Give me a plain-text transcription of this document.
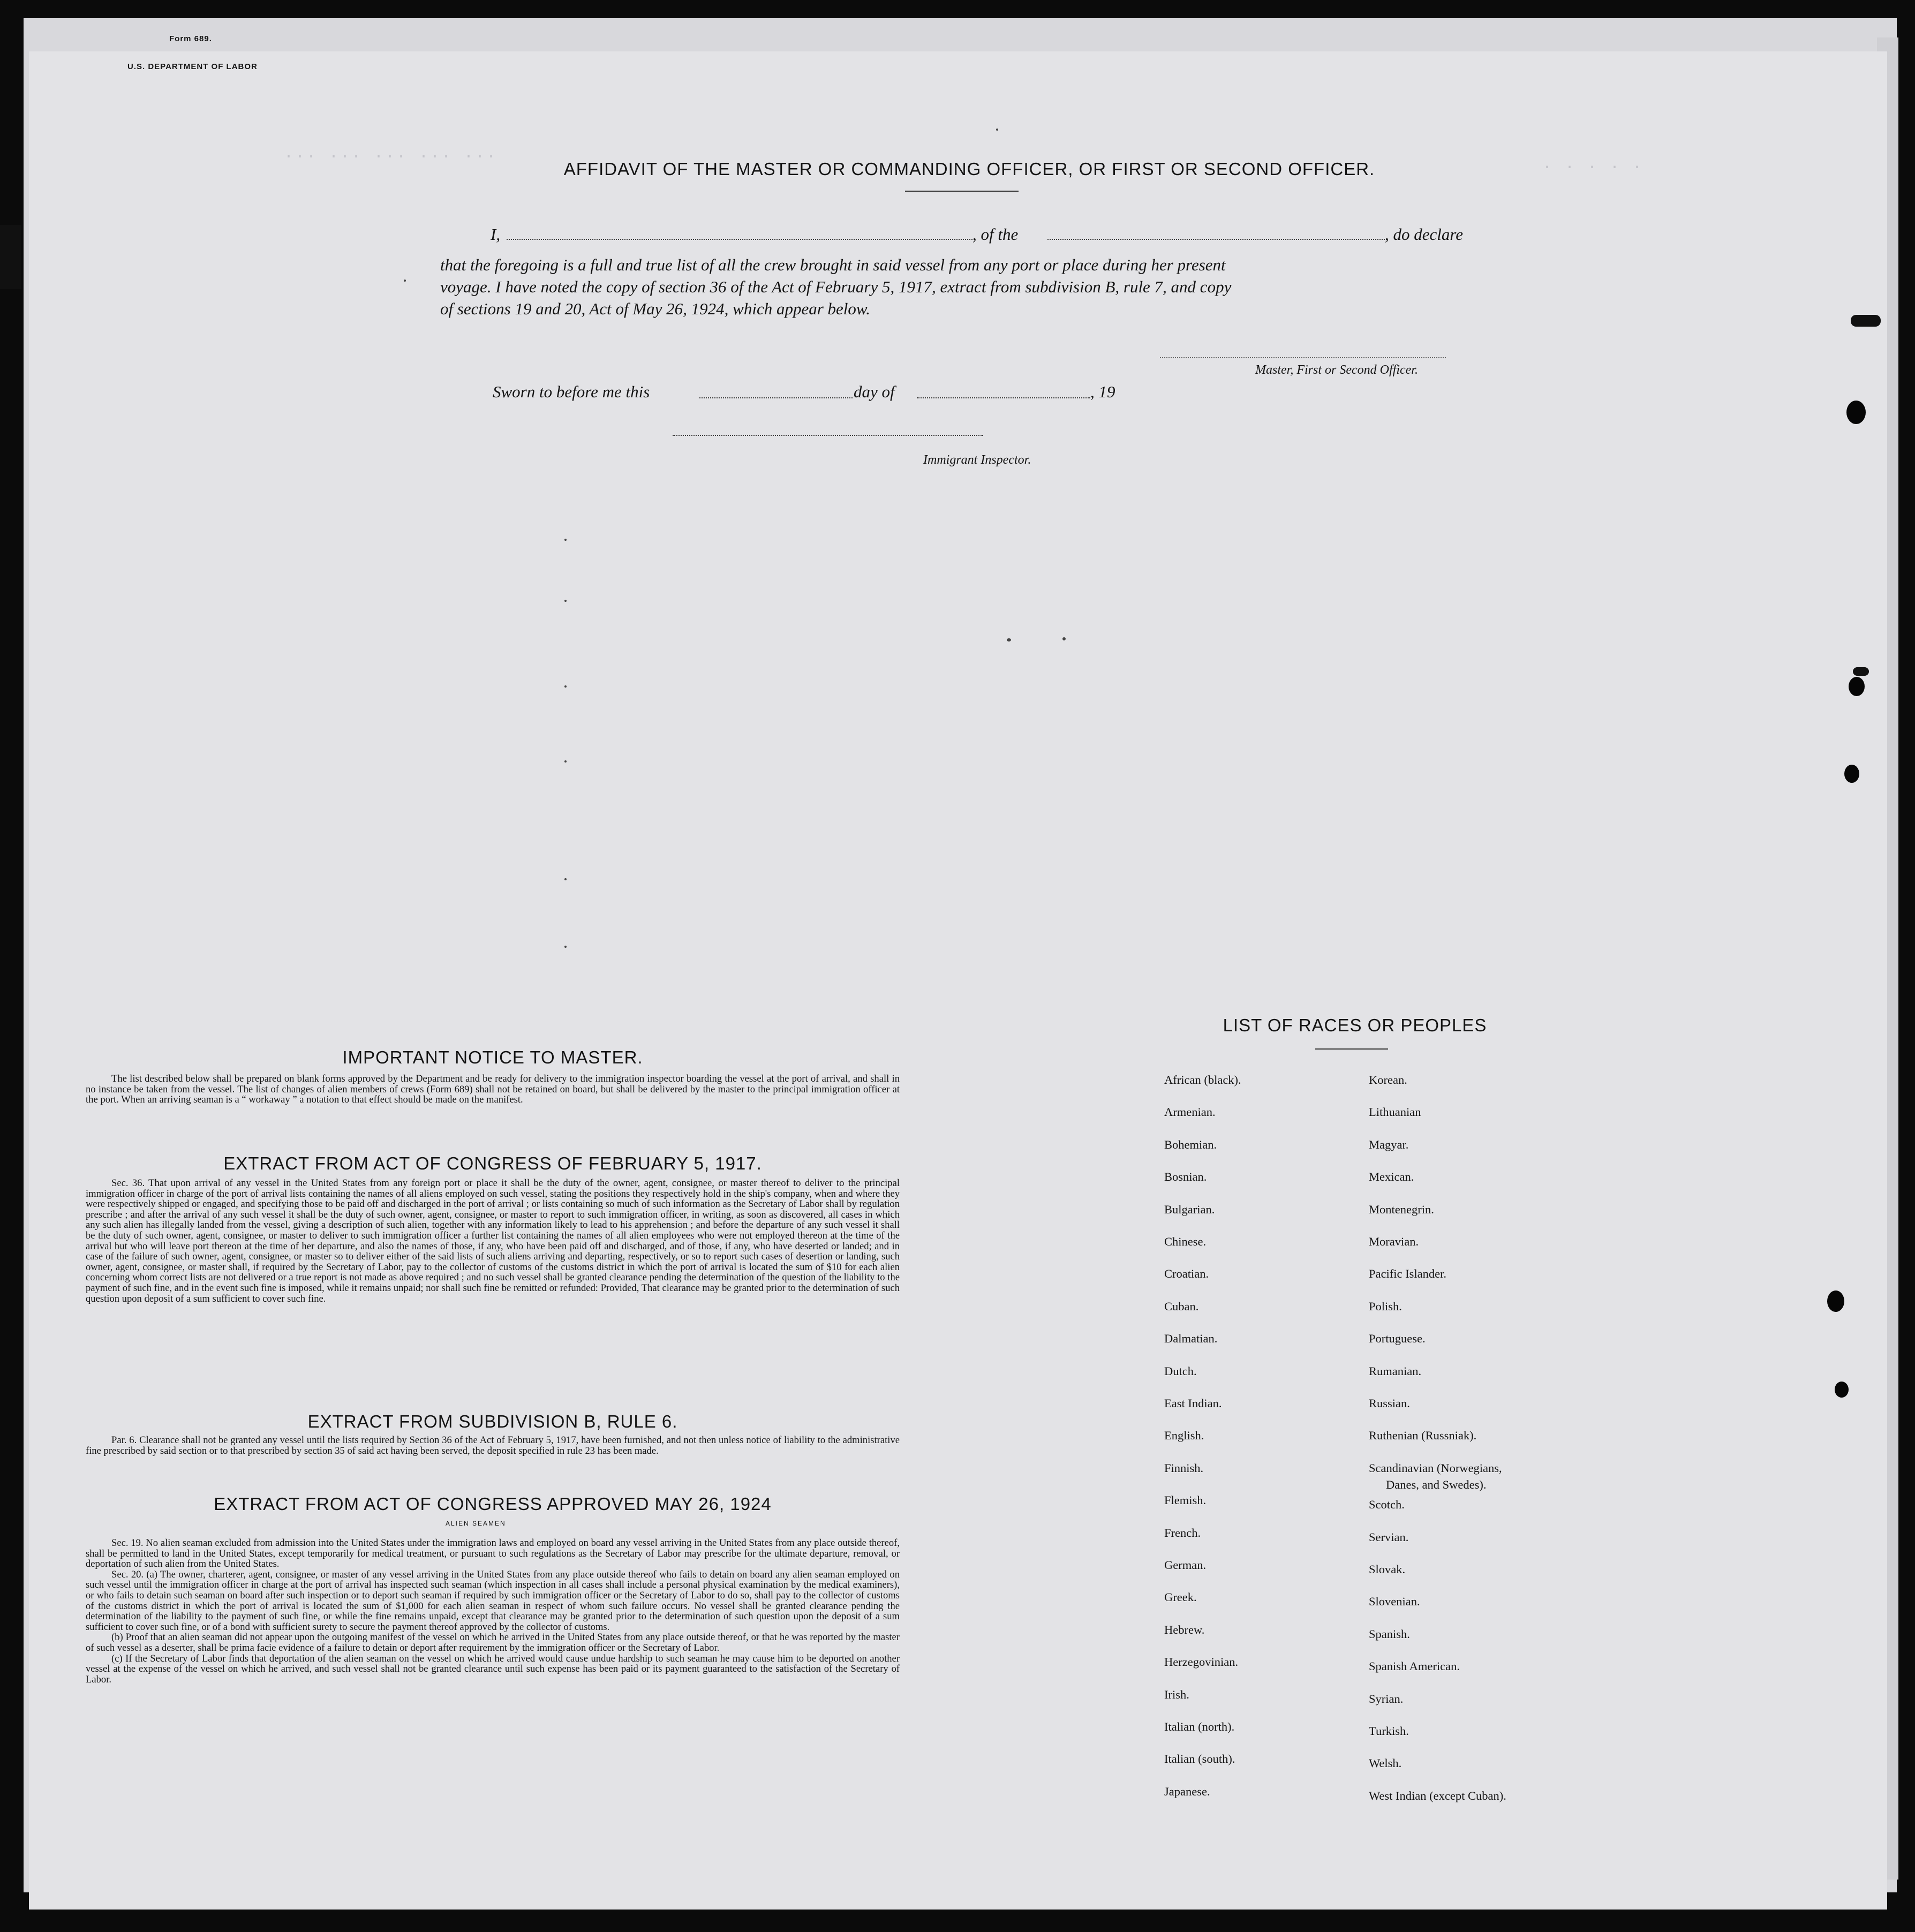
Form 689.
U.S. DEPARTMENT OF LABOR
... ... ... ... ...
. . . . .
AFFIDAVIT OF THE MASTER OR COMMANDING OFFICER, OR FIRST OR SECOND OFFICER.
I,	, of the	, do declare
that the foregoing is a full and true list of all the crew brought in said vessel from any port or place during her present
voyage. I have noted the copy of section 36 of the Act of February 5, 1917, extract from subdivision B, rule 7, and copy
of sections 19 and 20, Act of May 26, 1924, which appear below.
Master, First or Second Officer.
Sworn to before me this	day of	, 19
Immigrant Inspector.
LIST OF RACES OR PEOPLES
African (black).
Armenian.
Bohemian.
Bosnian.
Bulgarian.
Chinese.
Croatian.
Cuban.
Dalmatian.
Dutch.
East Indian.
English.
Finnish.
Flemish.
French.
German.
Greek.
Hebrew.
Herzegovinian.
Irish.
Italian (north).
Italian (south).
Japanese.
Korean.
Lithuanian
Magyar.
Mexican.
Montenegrin.
Moravian.
Pacific Islander.
Polish.
Portuguese.
Rumanian.
Russian.
Ruthenian (Russniak).
Scandinavian (Norwegians,
Scotch.
Servian.
Slovak.
Slovenian.
Spanish.
Spanish American.
Syrian.
Turkish.
Welsh.
West Indian (except Cuban).
Danes, and Swedes).
IMPORTANT NOTICE TO MASTER.

The list described below shall be prepared on blank forms approved by the Department and be ready for delivery to the immigration inspector boarding the vessel at the port of arrival, and shall in no instance be taken from the vessel. The list of changes of alien members of crews (Form 689) shall not be retained on board, but shall be delivered by the master to the principal immigration officer at the port. When an arriving seaman is a “ workaway ” a notation to that effect should be made on the manifest.

EXTRACT FROM ACT OF CONGRESS OF FEBRUARY 5, 1917.

Sec. 36. That upon arrival of any vessel in the United States from any foreign port or place it shall be the duty of the owner, agent, consignee, or master thereof to deliver to the principal immigration officer in charge of the port of arrival lists containing the names of all aliens employed on such vessel, stating the positions they respectively hold in the ship's company, when and where they were respectively shipped or engaged, and specifying those to be paid off and discharged in the port of arrival ; or lists containing so much of such information as the Secretary of Labor shall by regulation prescribe ; and after the arrival of any such vessel it shall be the duty of such owner, agent, consignee, or master to report to such immigration officer, in writing, as soon as discovered, all cases in which any such alien has illegally landed from the vessel, giving a description of such alien, together with any information likely to lead to his apprehension ; and before the departure of any such vessel it shall be the duty of such owner, agent, consignee, or master to deliver to such immigration officer a further list containing the names of all alien employees who were not employed thereon at the time of the arrival but who will leave port thereon at the time of her departure, and also the names of those, if any, who have been paid off and discharged, and of those, if any, who have deserted or landed; and in case of the failure of such owner, agent, consignee, or master so to deliver either of the said lists of such aliens arriving and departing, respectively, or so to report such cases of desertion or landing, such owner, agent, consignee, or master shall, if required by the Secretary of Labor, pay to the collector of customs of the customs district in which the port of arrival is located the sum of $10 for each alien concerning whom correct lists are not delivered or a true report is not made as above required ; and no such vessel shall be granted clearance pending the determination of the question of the liability to the payment of such fine, and in the event such fine is imposed, while it remains unpaid; nor shall such fine be remitted or refunded: Provided, That clearance may be granted prior to the determination of such question upon deposit of a sum sufficient to cover such fine.

EXTRACT FROM SUBDIVISION B, RULE 6.

Par. 6. Clearance shall not be granted any vessel until the lists required by Section 36 of the Act of February 5, 1917, have been furnished, and not then unless notice of liability to the administrative fine prescribed by said section or to that prescribed by section 35 of said act having been served, the deposit specified in rule 23 has been made.

EXTRACT FROM ACT OF CONGRESS APPROVED MAY 26, 1924
ALIEN SEAMEN

Sec. 19. No alien seaman excluded from admission into the United States under the immigration laws and employed on board any vessel arriving in the United States from any place outside thereof, shall be permitted to land in the United States, except temporarily for medical treatment, or pursuant to such regulations as the Secretary of Labor may prescribe for the ultimate departure, removal, or deportation of such alien from the United States.

Sec. 20. (a) The owner, charterer, agent, consignee, or master of any vessel arriving in the United States from any place outside thereof who fails to detain on board any alien seaman employed on such vessel until the immigration officer in charge at the port of arrival has inspected such seaman (which inspection in all cases shall include a personal physical examination by the medical examiners), or who fails to detain such seaman on board after such inspection or to deport such seaman if required by such immigration officer or the Secretary of Labor to do so, shall pay to the collector of customs of the customs district in which the port of arrival is located the sum of $1,000 for each alien seaman in respect of whom such failure occurs. No vessel shall be granted clearance pending the determination of the liability to the payment of such fine, or while the fine remains unpaid, except that clearance may be granted prior to the determination of such question upon the deposit of a sum sufficient to cover such fine, or of a bond with sufficient surety to secure the payment thereof approved by the collector of customs.

(b) Proof that an alien seaman did not appear upon the outgoing manifest of the vessel on which he arrived in the United States from any place outside thereof, or that he was reported by the master of such vessel as a deserter, shall be prima facie evidence of a failure to detain or deport after requirement by the immigration officer or the Secretary of Labor.

(c) If the Secretary of Labor finds that deportation of the alien seaman on the vessel on which he arrived would cause undue hardship to such seaman he may cause him to be deported on another vessel at the expense of the vessel on which he arrived, and such vessel shall not be granted clearance until such expense has been paid or its payment guaranteed to the satisfaction of the Secretary of Labor.
